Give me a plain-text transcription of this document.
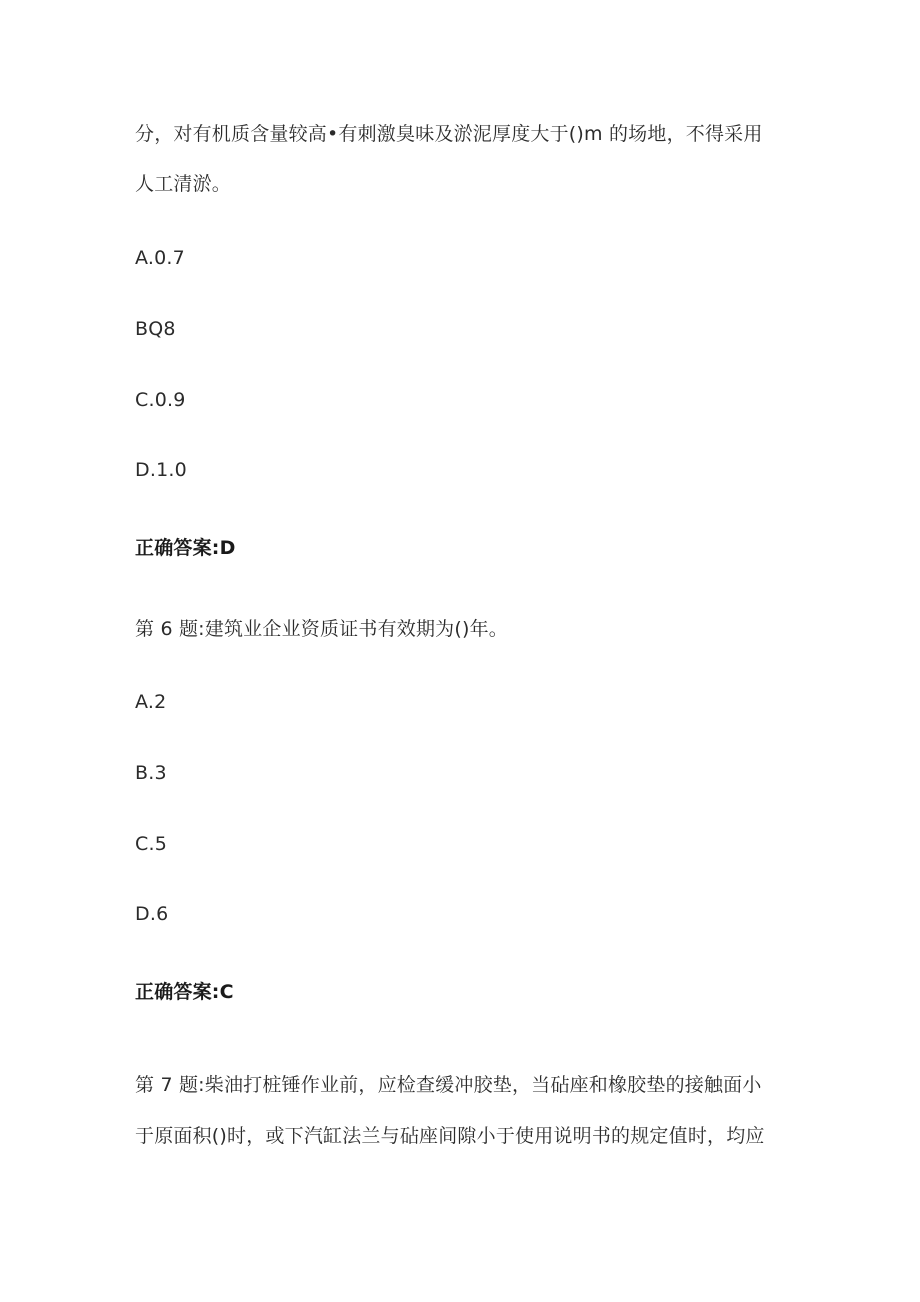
分，对有机质含量较高•有刺激臭味及淤泥厚度大于()m 的场地，不得采用
人工清淤。
A.0.7
BQ8
C.0.9
D.1.0
正确答案:D
第 6 题:建筑业企业资质证书有效期为()年。
A.2
B.3
C.5
D.6
正确答案:C
第 7 题:柴油打桩锤作业前，应检查缓冲胶垫，当砧座和橡胶垫的接触面小
于原面积()时，或下汽缸法兰与砧座间隙小于使用说明书的规定值时，均应
